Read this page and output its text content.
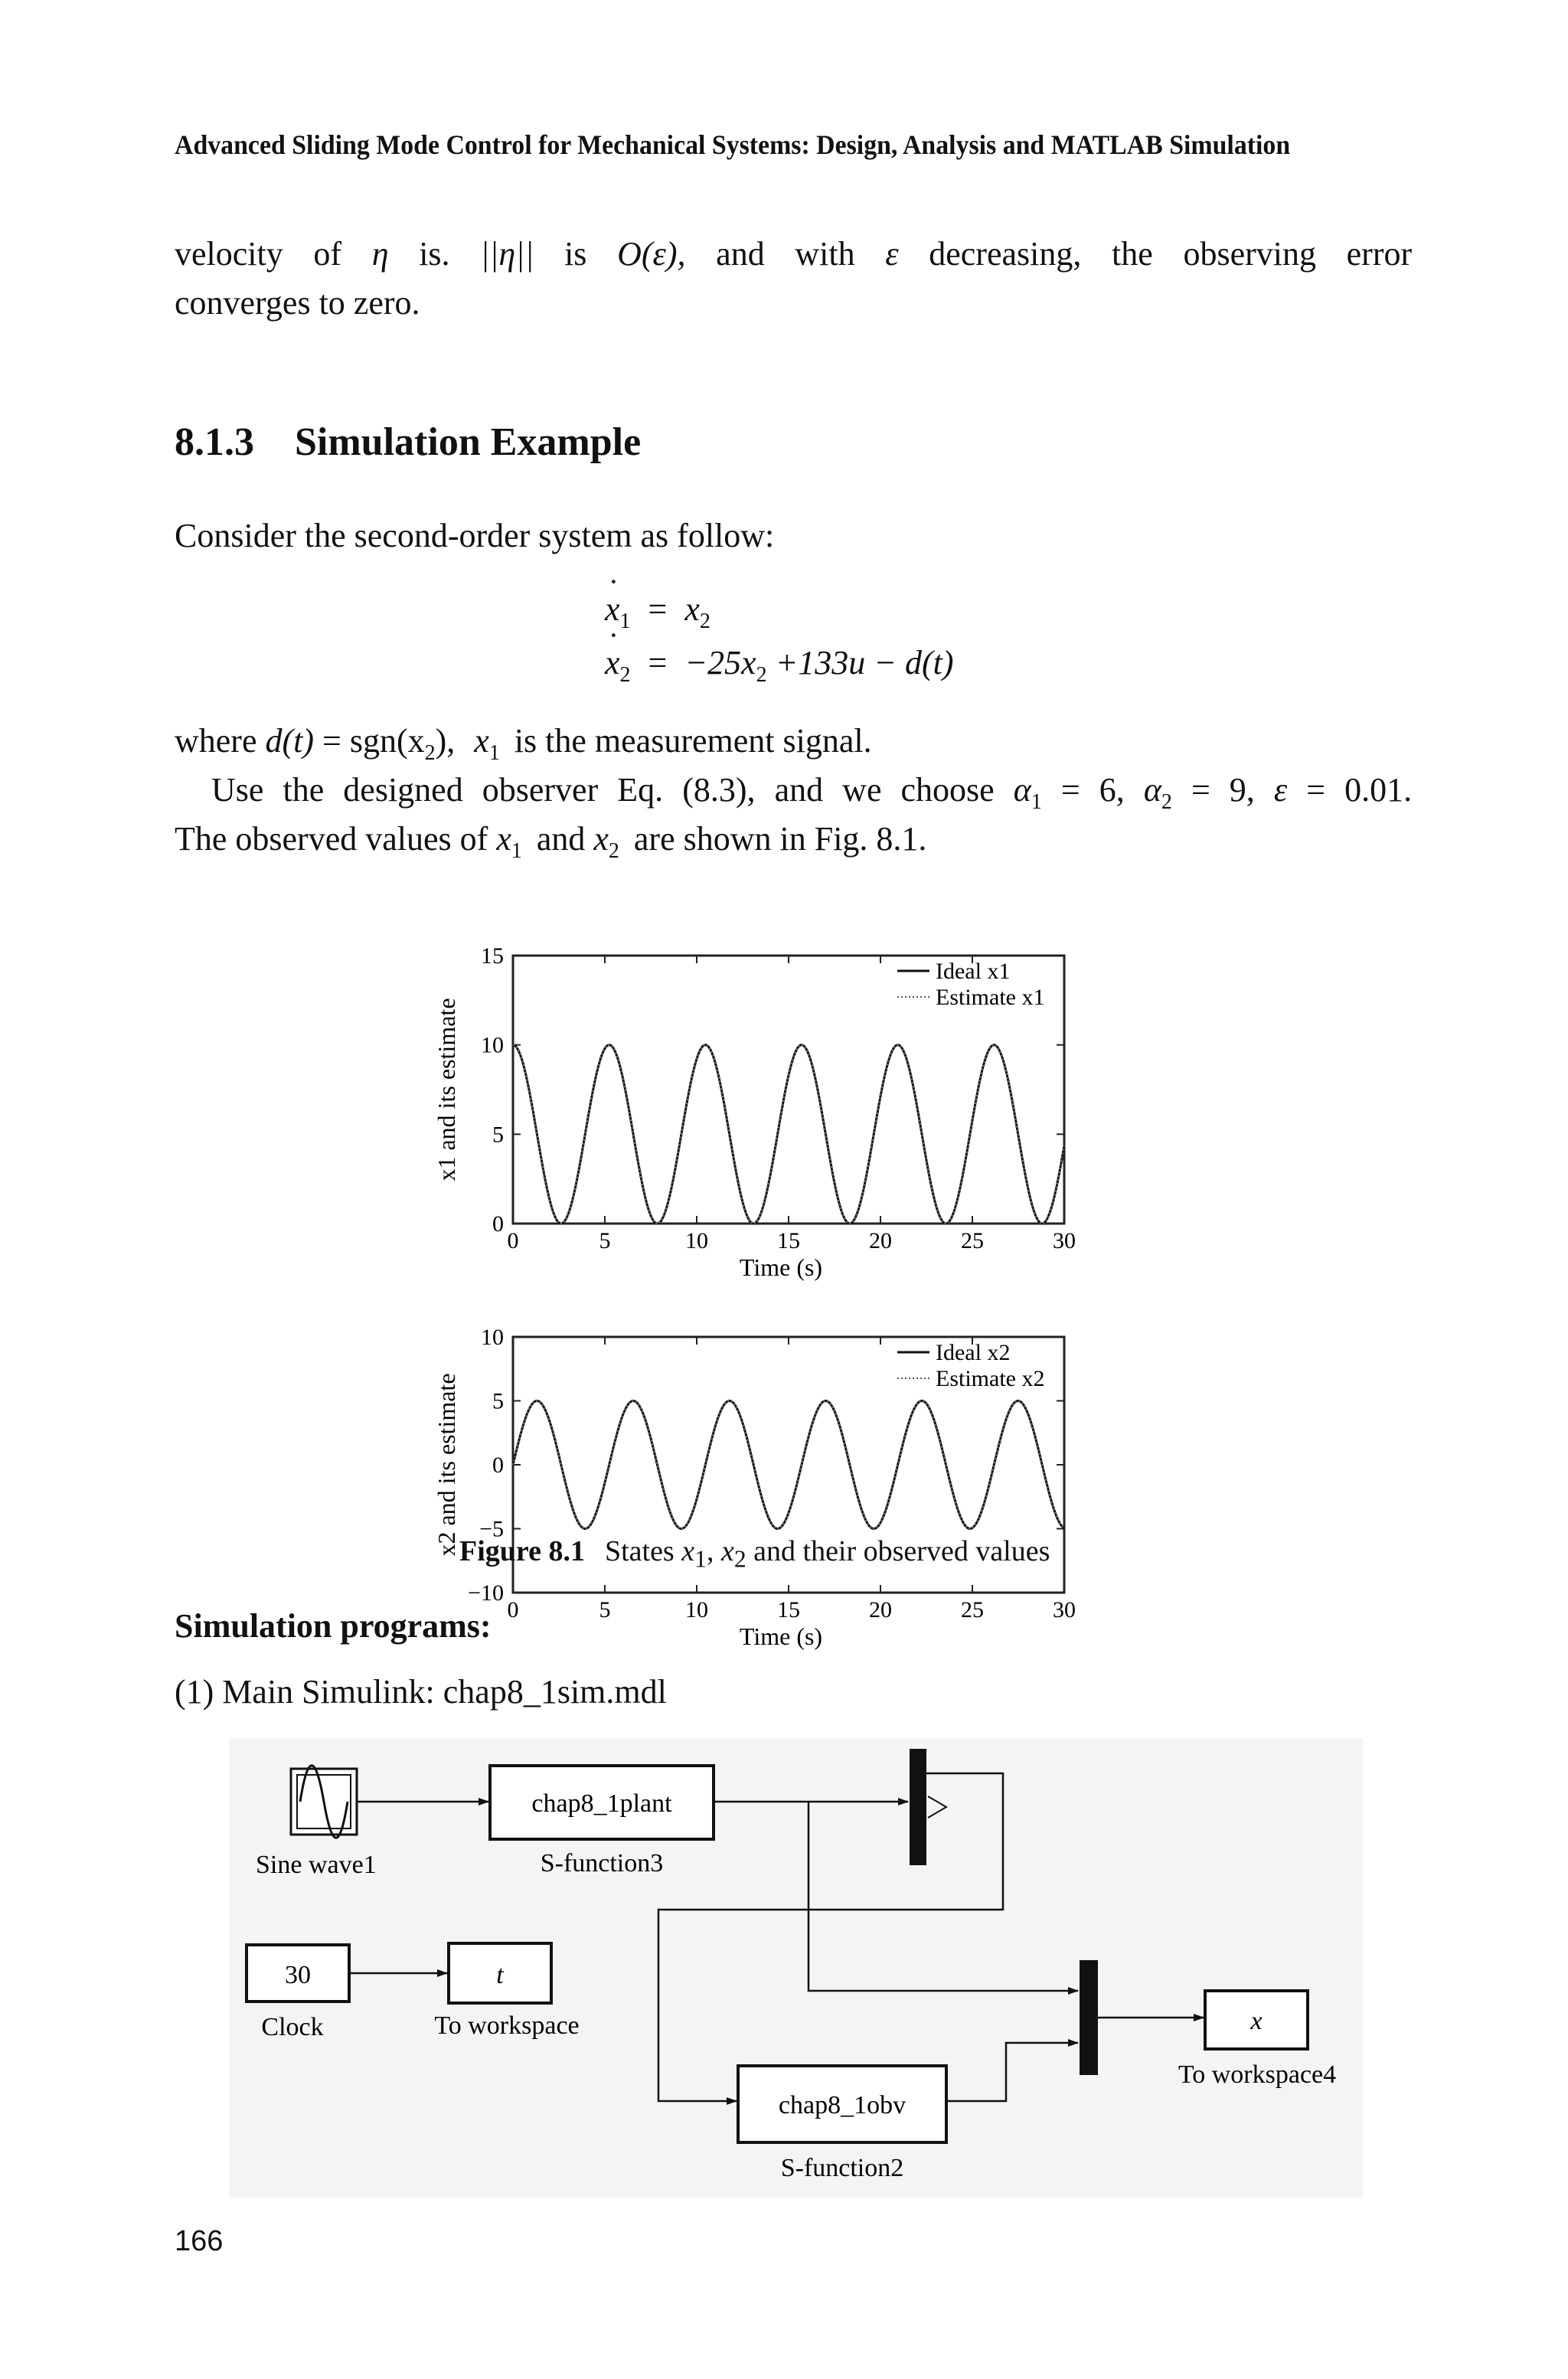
Advanced Sliding Mode Control for Mechanical Systems: Design, Analysis and MATLAB Simulation
velocity of η is. ||η|| is O(ε), and with ε decreasing, the observing error
converges to zero.
8.1.3 Simulation Example
Consider the second-order system as follow:
˙ $x_1 = x_2$
˙ $x_2 = -25x_2 +133u - d(t)$
where $d(t) = sgn(x_2)$, $x_1$ is the measurement signal.
Use the designed observer Eq. (8.3), and we choose $\alpha_1 = 6$, $\alpha_2 = 9$, ε = 0.01.
The observed values of $x_1$ and $x_2$ are shown in Fig. 8.1.
0	5	10	15	20	25	30
0
5
10
15
Time (s)
x1 and its estimate
Ideal x1
Estimate x1
0	5	10	15	20	25	30
−10
−5
0
5
10
Time (s)
x2 and its estimate
Ideal x2
Estimate x2
Figure 8.1 States $x_1$, $x_2$ and their observed values
Simulation programs:
(1) Main Simulink: chap8_1sim.mdl
Sine wave1
chap8_1plant
S-function3
30
Clock
t
To workspace	x
To workspace4
chap8_1obv
S-function2
166
